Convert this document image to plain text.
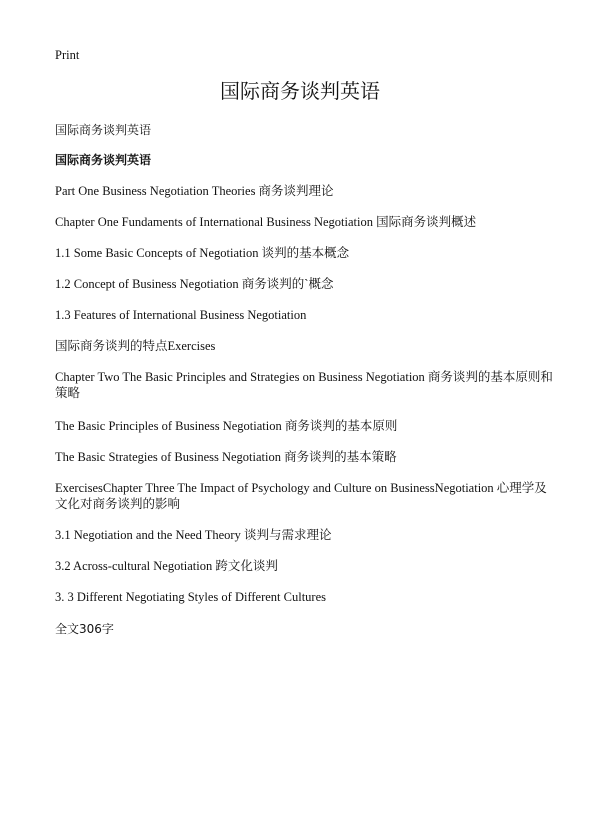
Print
国际商务谈判英语
国际商务谈判英语
国际商务谈判英语
Part One Business Negotiation Theories 商务谈判理论
Chapter One Fundaments of International Business Negotiation 国际商务谈判概述
1.1 Some Basic Concepts of Negotiation 谈判的基本概念
1.2 Concept of Business Negotiation 商务谈判的`概念
1.3 Features of International Business Negotiation
国际商务谈判的特点Exercises
Chapter Two The Basic Principles and Strategies on Business Negotiation 商务谈判的基本原则和策略
The Basic Principles of Business Negotiation 商务谈判的基本原则
The Basic Strategies of Business Negotiation 商务谈判的基本策略
ExercisesChapter Three The Impact of Psychology and Culture on BusinessNegotiation 心理学及文化对商务谈判的影响
3.1 Negotiation and the Need Theory 谈判与需求理论
3.2 Across-cultural Negotiation 跨文化谈判
3. 3 Different Negotiating Styles of Different Cultures
全文306字
